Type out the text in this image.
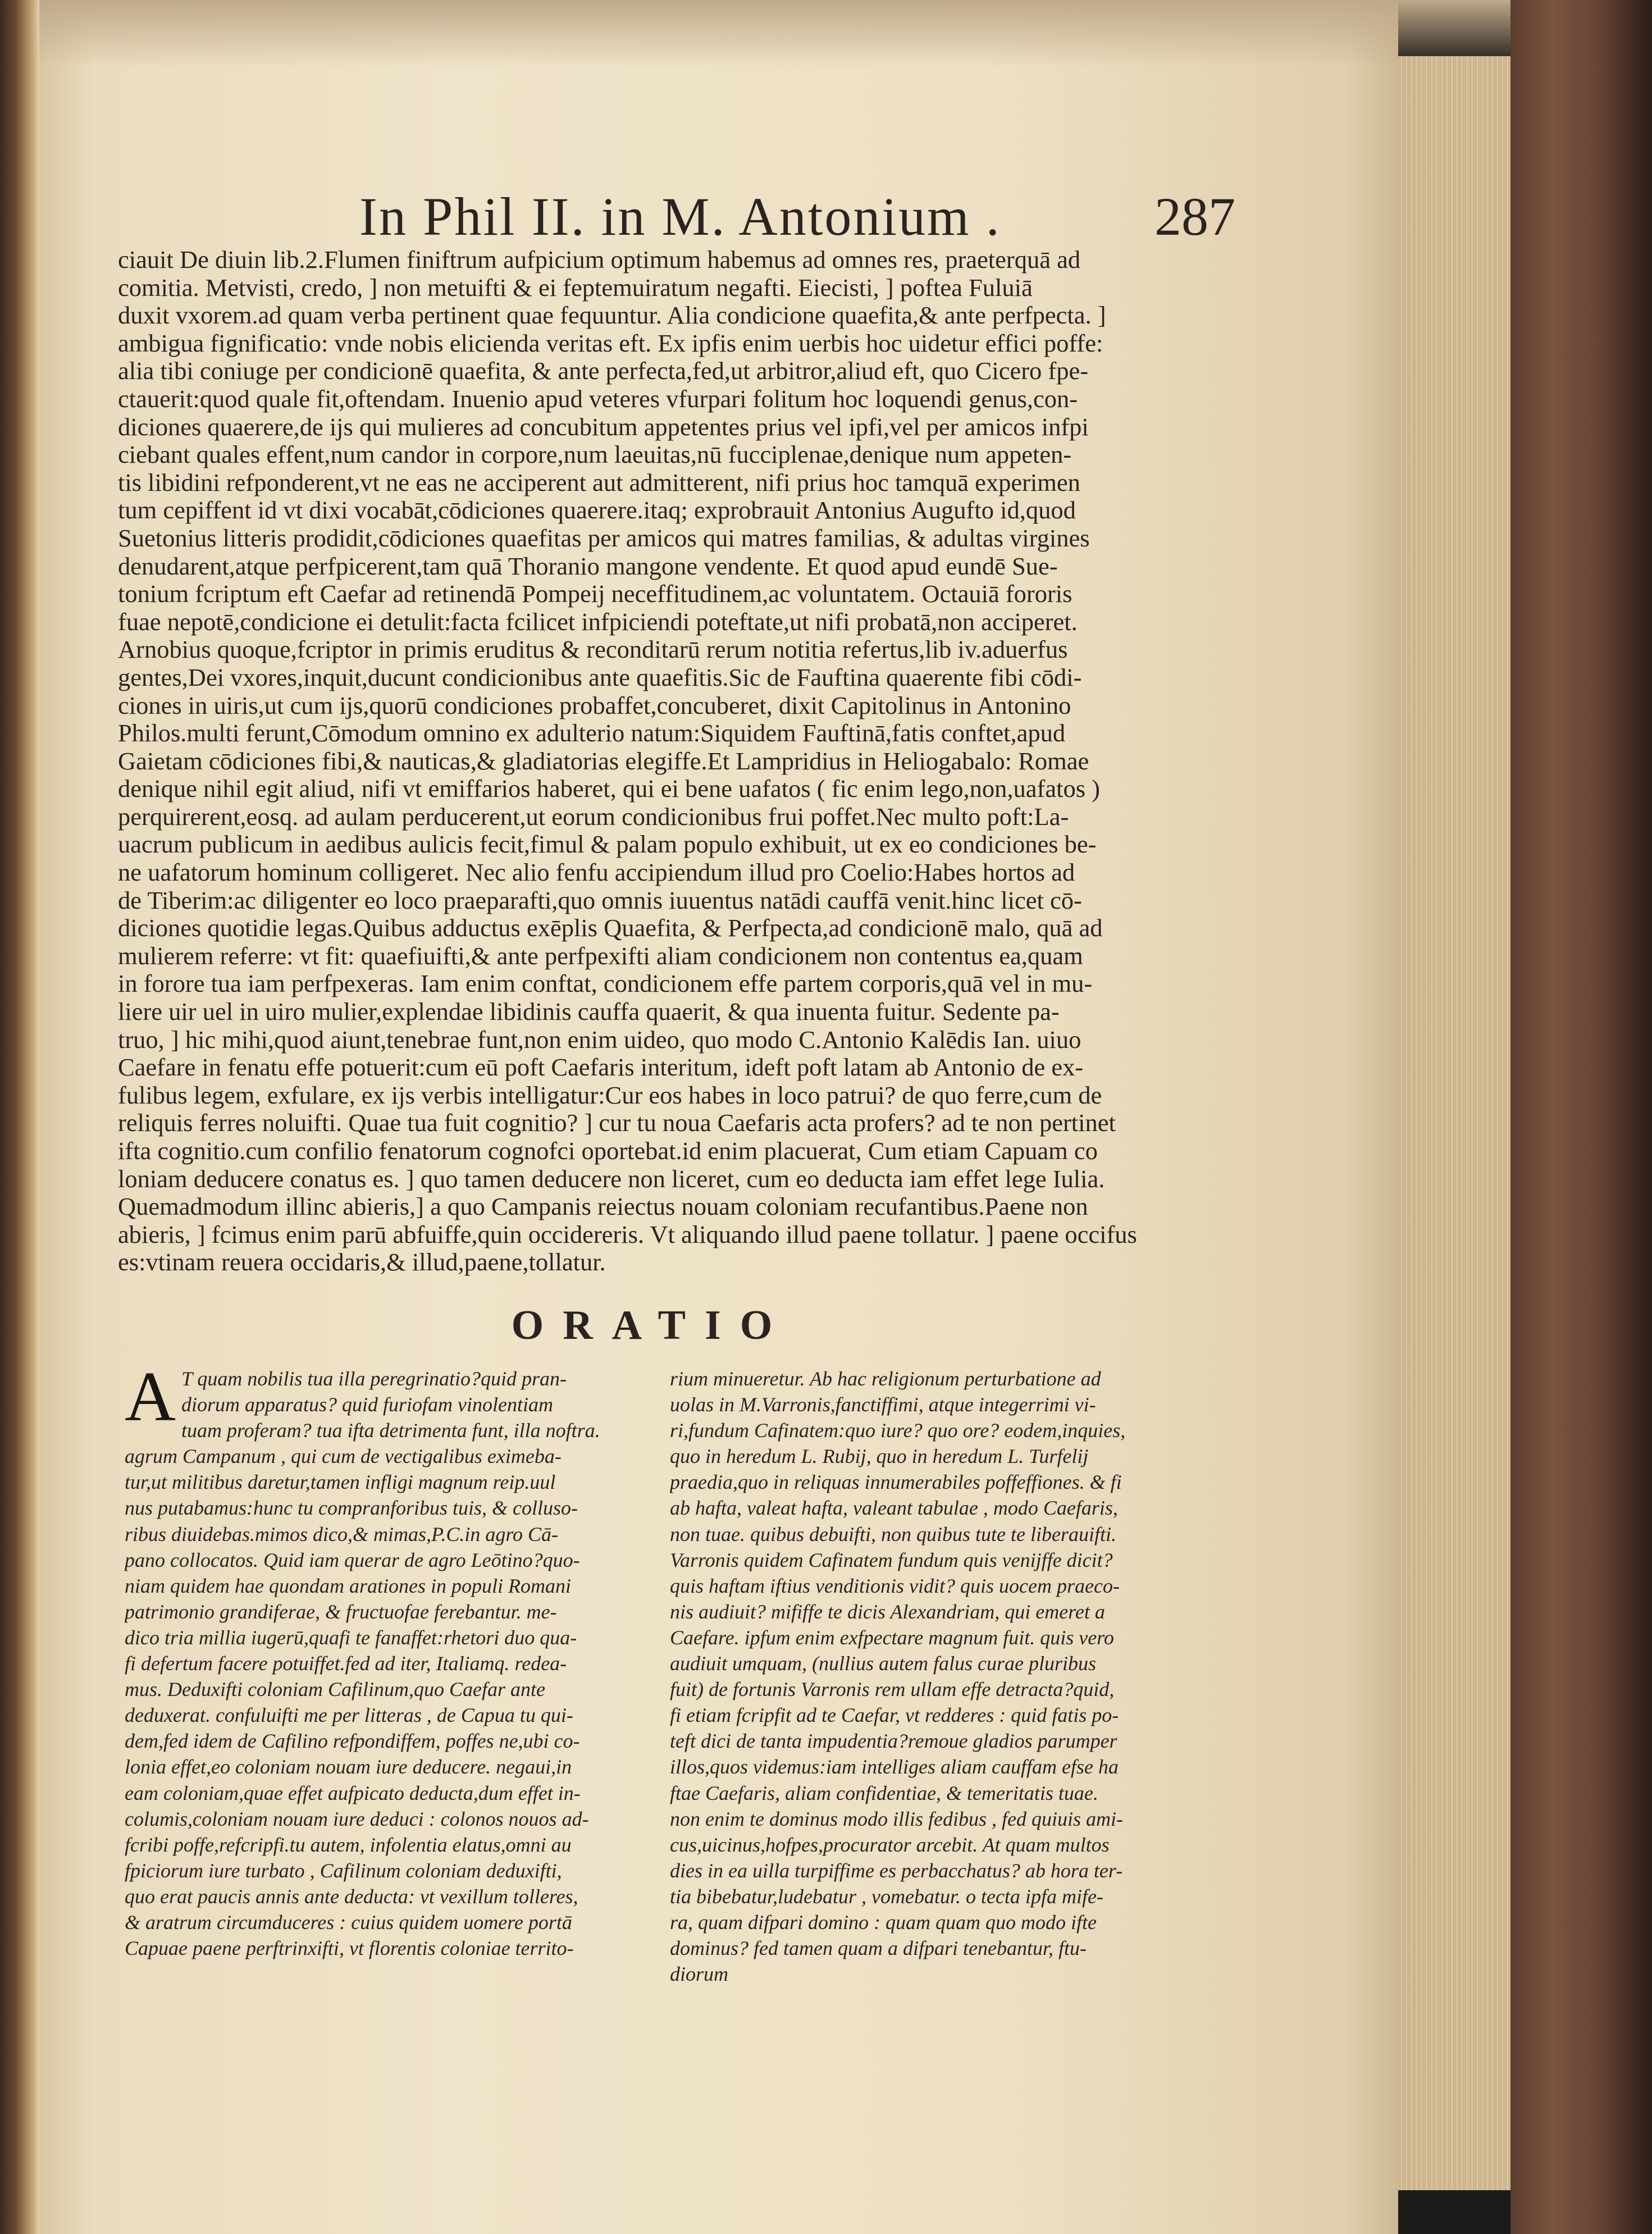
In Phil II. in M. Antonium .	287
ciauit De diuin lib.2.Flumen finiftrum aufpicium optimum habemus ad omnes res, praeterquā ad
comitia. Metvisti, credo, ] non metuifti & ei feptemuiratum negafti. Eiecisti, ] poftea Fuluiā
duxit vxorem.ad quam verba pertinent quae fequuntur. Alia condicione quaefita,& ante perfpecta. ]
ambigua fignificatio: vnde nobis elicienda veritas eft. Ex ipfis enim uerbis hoc uidetur effici poffe:
alia tibi coniuge per condicionē quaefita, & ante perfecta,fed,ut arbitror,aliud eft, quo Cicero fpe-
ctauerit:quod quale fit,oftendam. Inuenio apud veteres vfurpari folitum hoc loquendi genus,con-
diciones quaerere,de ijs qui mulieres ad concubitum appetentes prius vel ipfi,vel per amicos infpi
ciebant quales effent,num candor in corpore,num laeuitas,nū fucciplenae,denique num appeten-
tis libidini refponderent,vt ne eas ne acciperent aut admitterent, nifi prius hoc tamquā experimen
tum cepiffent id vt dixi vocabāt,cōdiciones quaerere.itaq; exprobrauit Antonius Augufto id,quod
Suetonius litteris prodidit,cōdiciones quaefitas per amicos qui matres familias, & adultas virgines
denudarent,atque perfpicerent,tam quā Thoranio mangone vendente. Et quod apud eundē Sue-
tonium fcriptum eft Caefar ad retinendā Pompeij neceffitudinem,ac voluntatem. Octauiā fororis
fuae nepotē,condicione ei detulit:facta fcilicet infpiciendi poteftate,ut nifi probatā,non acciperet.
Arnobius quoque,fcriptor in primis eruditus & reconditarū rerum notitia refertus,lib iv.aduerfus
gentes,Dei vxores,inquit,ducunt condicionibus ante quaefitis.Sic de Fauftina quaerente fibi cōdi-
ciones in uiris,ut cum ijs,quorū condiciones probaffet,concuberet, dixit Capitolinus in Antonino
Philos.multi ferunt,Cōmodum omnino ex adulterio natum:Siquidem Fauftinā,fatis conftet,apud
Gaietam cōdiciones fibi,& nauticas,& gladiatorias elegiffe.Et Lampridius in Heliogabalo: Romae
denique nihil egit aliud, nifi vt emiffarios haberet, qui ei bene uafatos ( fic enim lego,non,uafatos )
perquirerent,eosq. ad aulam perducerent,ut eorum condicionibus frui poffet.Nec multo poft:La-
uacrum publicum in aedibus aulicis fecit,fimul & palam populo exhibuit, ut ex eo condiciones be-
ne uafatorum hominum colligeret. Nec alio fenfu accipiendum illud pro Coelio:Habes hortos ad
de Tiberim:ac diligenter eo loco praeparafti,quo omnis iuuentus natādi cauffā venit.hinc licet cō-
diciones quotidie legas.Quibus adductus exēplis Quaefita, & Perfpecta,ad condicionē malo, quā ad
mulierem referre: vt fit: quaefiuifti,& ante perfpexifti aliam condicionem non contentus ea,quam
in forore tua iam perfpexeras. Iam enim conftat, condicionem effe partem corporis,quā vel in mu-
liere uir uel in uiro mulier,explendae libidinis cauffa quaerit, & qua inuenta fuitur. Sedente pa-
truo, ] hic mihi,quod aiunt,tenebrae funt,non enim uideo, quo modo C.Antonio Kalēdis Ian. uiuo
Caefare in fenatu effe potuerit:cum eū poft Caefaris interitum, ideft poft latam ab Antonio de ex-
fulibus legem, exfulare, ex ijs verbis intelligatur:Cur eos habes in loco patrui? de quo ferre,cum de
reliquis ferres noluifti. Quae tua fuit cognitio? ] cur tu noua Caefaris acta profers? ad te non pertinet
ifta cognitio.cum confilio fenatorum cognofci oportebat.id enim placuerat, Cum etiam Capuam co
loniam deducere conatus es. ] quo tamen deducere non liceret, cum eo deducta iam effet lege Iulia.
Quemadmodum illinc abieris,] a quo Campanis reiectus nouam coloniam recufantibus.Paene non
abieris, ] fcimus enim parū abfuiffe,quin occidereris. Vt aliquando illud paene tollatur. ] paene occifus
es:vtinam reuera occidaris,& illud,paene,tollatur.
ORATIO
A T quam nobilis tua illa peregrinatio?quid pran-
diorum apparatus? quid furiofam vinolentiam
tuam proferam? tua ifta detrimenta funt, illa noftra.
agrum Campanum , qui cum de vectigalibus eximeba-
tur,ut militibus daretur,tamen infligi magnum reip.uul
nus putabamus:hunc tu compranforibus tuis, & colluso-
ribus diuidebas.mimos dico,& mimas,P.C.in agro Cā-
pano collocatos. Quid iam querar de agro Leōtino?quo-
niam quidem hae quondam arationes in populi Romani
patrimonio grandiferae, & fructuofae ferebantur. me-
dico tria millia iugerū,quafi te fanaffet:rhetori duo qua-
fi defertum facere potuiffet.fed ad iter, Italiamq. redea-
mus. Deduxifti coloniam Cafilinum,quo Caefar ante
deduxerat. confuluifti me per litteras , de Capua tu qui-
dem,fed idem de Cafilino refpondiffem, poffes ne,ubi co-
lonia effet,eo coloniam nouam iure deducere. negaui,in
eam coloniam,quae effet aufpicato deducta,dum effet in-
columis,coloniam nouam iure deduci : colonos nouos ad-
fcribi poffe,refcripfi.tu autem, infolentia elatus,omni au
fpiciorum iure turbato , Cafilinum coloniam deduxifti,
quo erat paucis annis ante deducta: vt vexillum tolleres,
& aratrum circumduceres : cuius quidem uomere portā
Capuae paene perftrinxifti, vt florentis coloniae territo-
rium minueretur. Ab hac religionum perturbatione ad
uolas in M.Varronis,fanctiffimi, atque integerrimi vi-
ri,fundum Cafinatem:quo iure? quo ore? eodem,inquies,
quo in heredum L. Rubij, quo in heredum L. Turfelij
praedia,quo in reliquas innumerabiles poffeffiones. & fi
ab hafta, valeat hafta, valeant tabulae , modo Caefaris,
non tuae. quibus debuifti, non quibus tute te liberauifti.
Varronis quidem Cafinatem fundum quis venijffe dicit?
quis haftam iftius venditionis vidit? quis uocem praeco-
nis audiuit? mififfe te dicis Alexandriam, qui emeret a
Caefare. ipfum enim exfpectare magnum fuit. quis vero
audiuit umquam, (nullius autem falus curae pluribus
fuit) de fortunis Varronis rem ullam effe detracta?quid,
fi etiam fcripfit ad te Caefar, vt redderes : quid fatis po-
teft dici de tanta impudentia?remoue gladios parumper
illos,quos videmus:iam intelliges aliam cauffam efse ha
ftae Caefaris, aliam confidentiae, & temeritatis tuae.
non enim te dominus modo illis fedibus , fed quiuis ami-
cus,uicinus,hofpes,procurator arcebit. At quam multos
dies in ea uilla turpiffime es perbacchatus? ab hora ter-
tia bibebatur,ludebatur , vomebatur. o tecta ipfa mife-
ra, quam difpari domino : quam quam quo modo ifte
dominus? fed tamen quam a difpari tenebantur, ftu-
diorum
